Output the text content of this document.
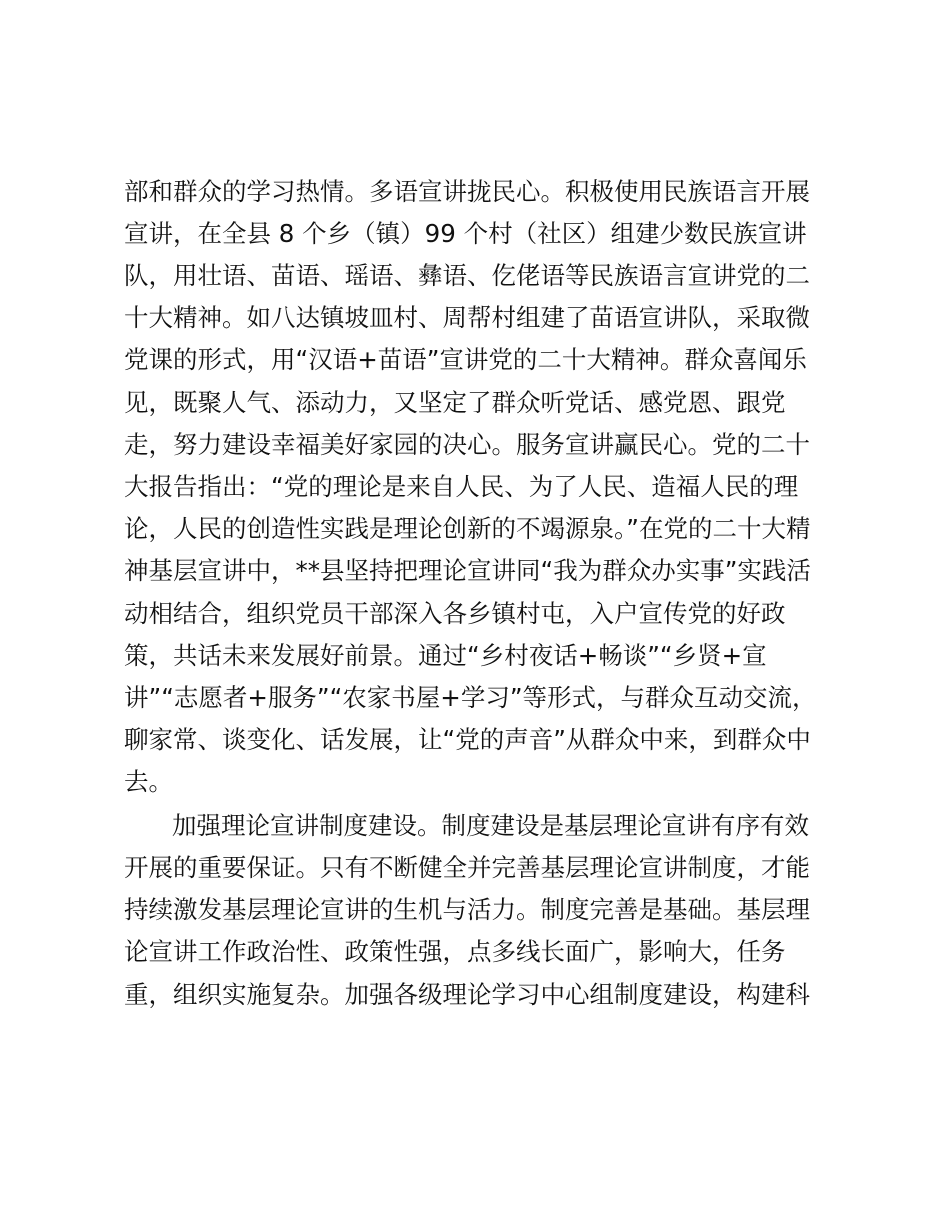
部和群众的学习热情。多语宣讲拢民心。积极使用民族语言开展
宣讲，在全县 8 个乡（镇）99 个村（社区）组建少数民族宣讲
队，用壮语、苗语、瑶语、彝语、仡佬语等民族语言宣讲党的二
十大精神。如八达镇坡皿村、周帮村组建了苗语宣讲队，采取微
党课的形式，用“汉语+苗语”宣讲党的二十大精神。群众喜闻乐
见，既聚人气、添动力，又坚定了群众听党话、感党恩、跟党
走，努力建设幸福美好家园的决心。服务宣讲赢民心。党的二十
大报告指出：“党的理论是来自人民、为了人民、造福人民的理
论，人民的创造性实践是理论创新的不竭源泉。”在党的二十大精
神基层宣讲中，**县坚持把理论宣讲同“我为群众办实事”实践活
动相结合，组织党员干部深入各乡镇村屯，入户宣传党的好政
策，共话未来发展好前景。通过“乡村夜话+畅谈”“乡贤+宣
讲”“志愿者+服务”“农家书屋+学习”等形式，与群众互动交流，
聊家常、谈变化、话发展，让“党的声音”从群众中来，到群众中
去。
加强理论宣讲制度建设。制度建设是基层理论宣讲有序有效
开展的重要保证。只有不断健全并完善基层理论宣讲制度，才能
持续激发基层理论宣讲的生机与活力。制度完善是基础。基层理
论宣讲工作政治性、政策性强，点多线长面广，影响大，任务
重，组织实施复杂。加强各级理论学习中心组制度建设，构建科
